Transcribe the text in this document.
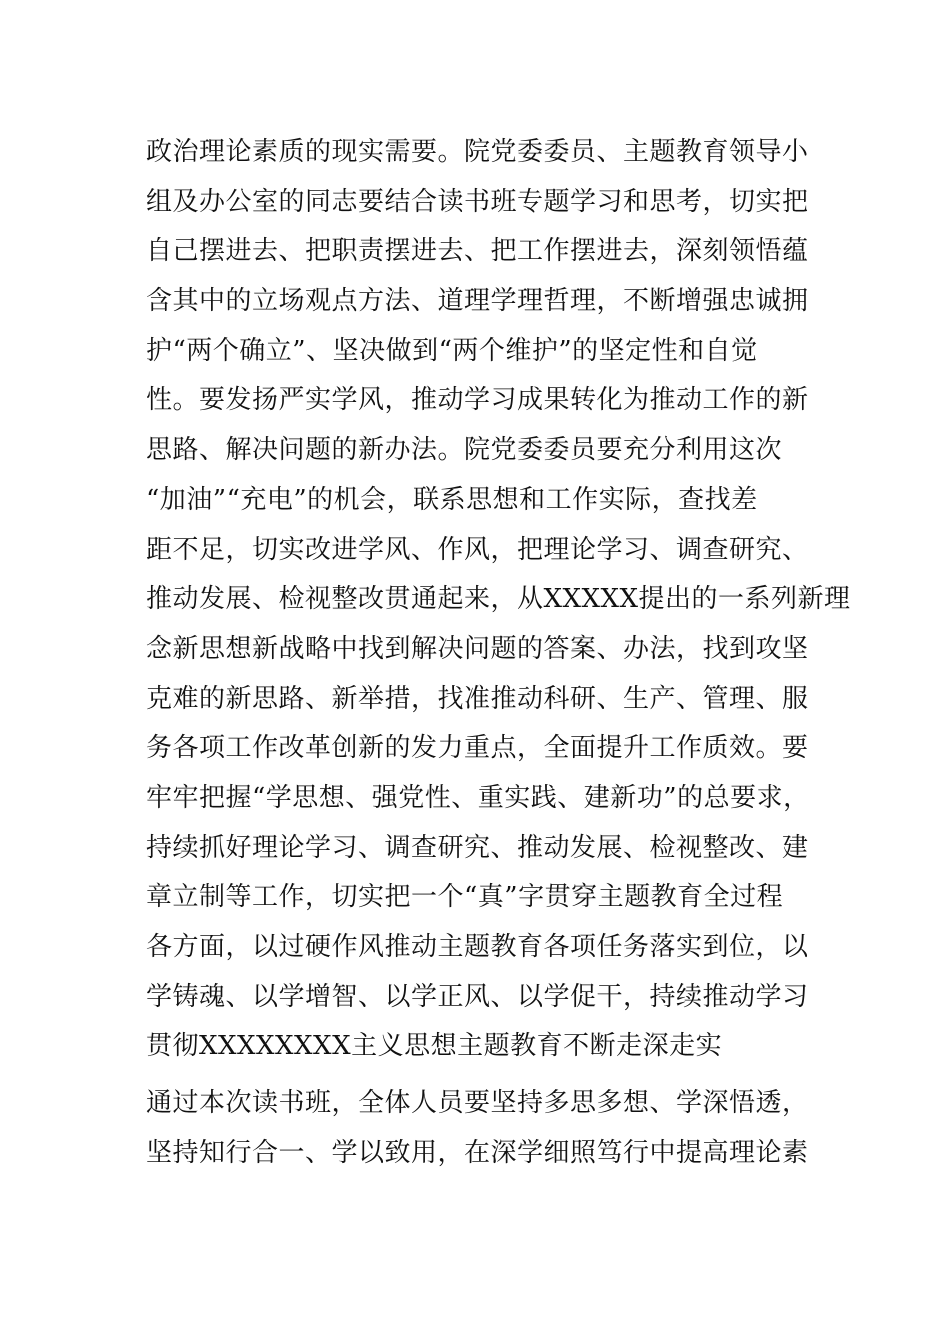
政治理论素质的现实需要。院党委委员、主题教育领导小
组及办公室的同志要结合读书班专题学习和思考，切实把
自己摆进去、把职责摆进去、把工作摆进去，深刻领悟蕴
含其中的立场观点方法、道理学理哲理，不断增强忠诚拥
护“两个确立”、坚决做到“两个维护”的坚定性和自觉
性。要发扬严实学风，推动学习成果转化为推动工作的新
思路、解决问题的新办法。院党委委员要充分利用这次
“加油”“充电”的机会，联系思想和工作实际，查找差
距不足，切实改进学风、作风，把理论学习、调查研究、
推动发展、检视整改贯通起来，从XXXXX提出的一系列新理
念新思想新战略中找到解决问题的答案、办法，找到攻坚
克难的新思路、新举措，找准推动科研、生产、管理、服
务各项工作改革创新的发力重点，全面提升工作质效。要
牢牢把握“学思想、强党性、重实践、建新功”的总要求，
持续抓好理论学习、调查研究、推动发展、检视整改、建
章立制等工作，切实把一个“真”字贯穿主题教育全过程
各方面，以过硬作风推动主题教育各项任务落实到位，以
学铸魂、以学增智、以学正风、以学促干，持续推动学习
贯彻XXXXXXXX主义思想主题教育不断走深走实
通过本次读书班，全体人员要坚持多思多想、学深悟透，
坚持知行合一、学以致用，在深学细照笃行中提高理论素
